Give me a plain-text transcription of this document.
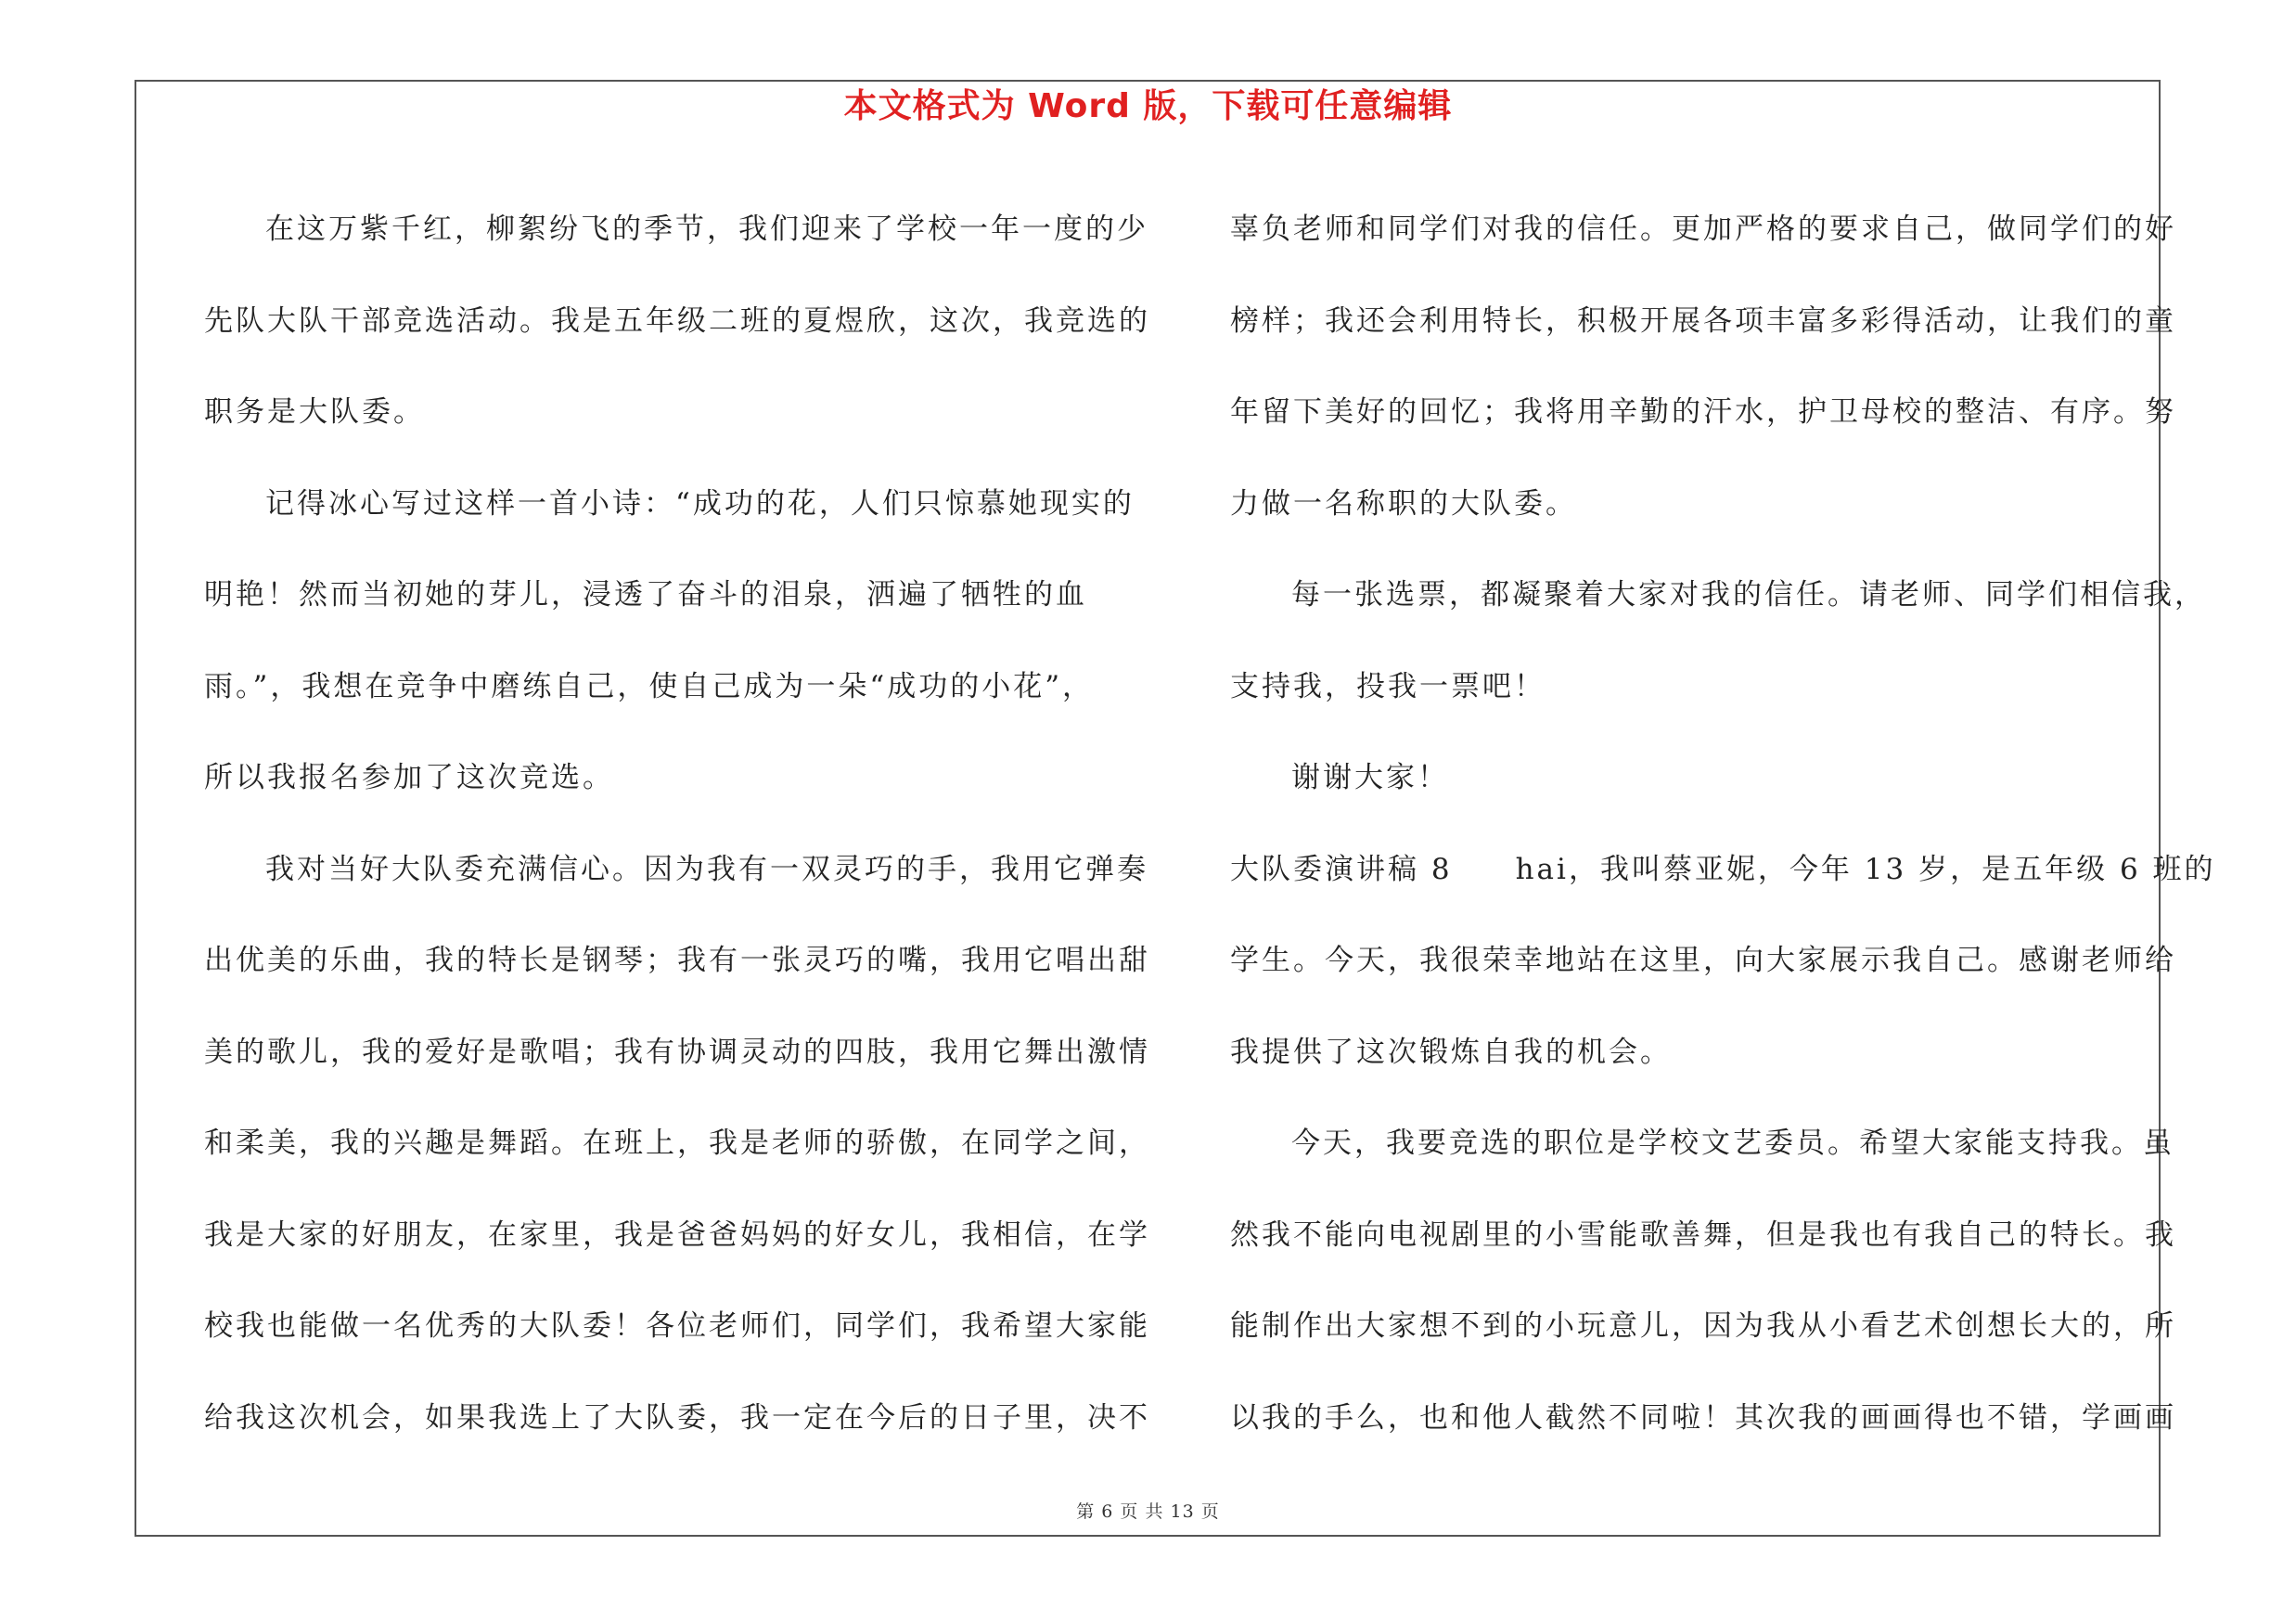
本文格式为 Word 版，下载可任意编辑
在这万紫千红，柳絮纷飞的季节，我们迎来了学校一年一度的少
先队大队干部竞选活动。我是五年级二班的夏煜欣，这次，我竞选的
职务是大队委。
记得冰心写过这样一首小诗：“成功的花，人们只惊慕她现实的
明艳！然而当初她的芽儿，浸透了奋斗的泪泉，洒遍了牺牲的血
雨。”，我想在竞争中磨练自己，使自己成为一朵“成功的小花”，
所以我报名参加了这次竞选。
我对当好大队委充满信心。因为我有一双灵巧的手，我用它弹奏
出优美的乐曲，我的特长是钢琴；我有一张灵巧的嘴，我用它唱出甜
美的歌儿，我的爱好是歌唱；我有协调灵动的四肢，我用它舞出激情
和柔美，我的兴趣是舞蹈。在班上，我是老师的骄傲，在同学之间，
我是大家的好朋友，在家里，我是爸爸妈妈的好女儿，我相信，在学
校我也能做一名优秀的大队委！各位老师们，同学们，我希望大家能
给我这次机会，如果我选上了大队委，我一定在今后的日子里，决不
辜负老师和同学们对我的信任。更加严格的要求自己，做同学们的好
榜样；我还会利用特长，积极开展各项丰富多彩得活动，让我们的童
年留下美好的回忆；我将用辛勤的汗水，护卫母校的整洁、有序。努
力做一名称职的大队委。
每一张选票，都凝聚着大家对我的信任。请老师、同学们相信我，
支持我，投我一票吧！
谢谢大家！
大队委演讲稿 8　　hai，我叫蔡亚妮，今年 13 岁，是五年级 6 班的
学生。今天，我很荣幸地站在这里，向大家展示我自己。感谢老师给
我提供了这次锻炼自我的机会。
今天，我要竞选的职位是学校文艺委员。希望大家能支持我。虽
然我不能向电视剧里的小雪能歌善舞，但是我也有我自己的特长。我
能制作出大家想不到的小玩意儿，因为我从小看艺术创想长大的，所
以我的手么，也和他人截然不同啦！其次我的画画得也不错，学画画
第 6 页 共 13 页
